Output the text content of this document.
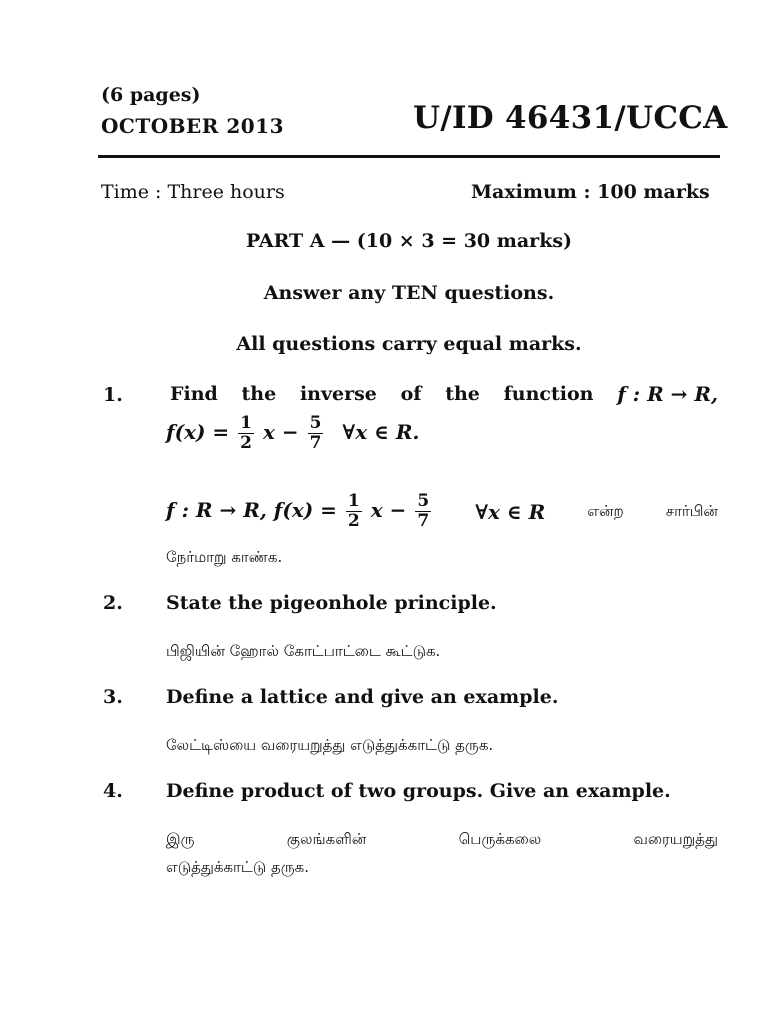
(6 pages)
OCTOBER 2013	U/ID 46431/UCCA
Time : Three hours	Maximum : 100 marks
PART A — (10 × 3 = 30 marks)
Answer any TEN questions.
All questions carry equal marks.
1. Find the inverse of the function f : R → R,
$f(x) = \frac{1}{2}$ $x - \frac{5}{7}$ ∀x ∈ R.
f : R → R, $f(x) = \frac{1}{2}$ $x - \frac{5}{7}$ ∀x ∈ R	என்ற	சார்பின்
நேர்மாறு காண்க.
2. State the pigeonhole principle.
பிஜியின் ஹோல் கோட்பாட்டை கூட்டுக.
3. Define a lattice and give an example.
லேட்டிஸ்யை வரையறுத்து எடுத்துக்காட்டு தருக.
4. Define product of two groups. Give an example.
இரு	குலங்களின்	பெருக்கலை	வரையறுத்து
எடுத்துக்காட்டு தருக.
